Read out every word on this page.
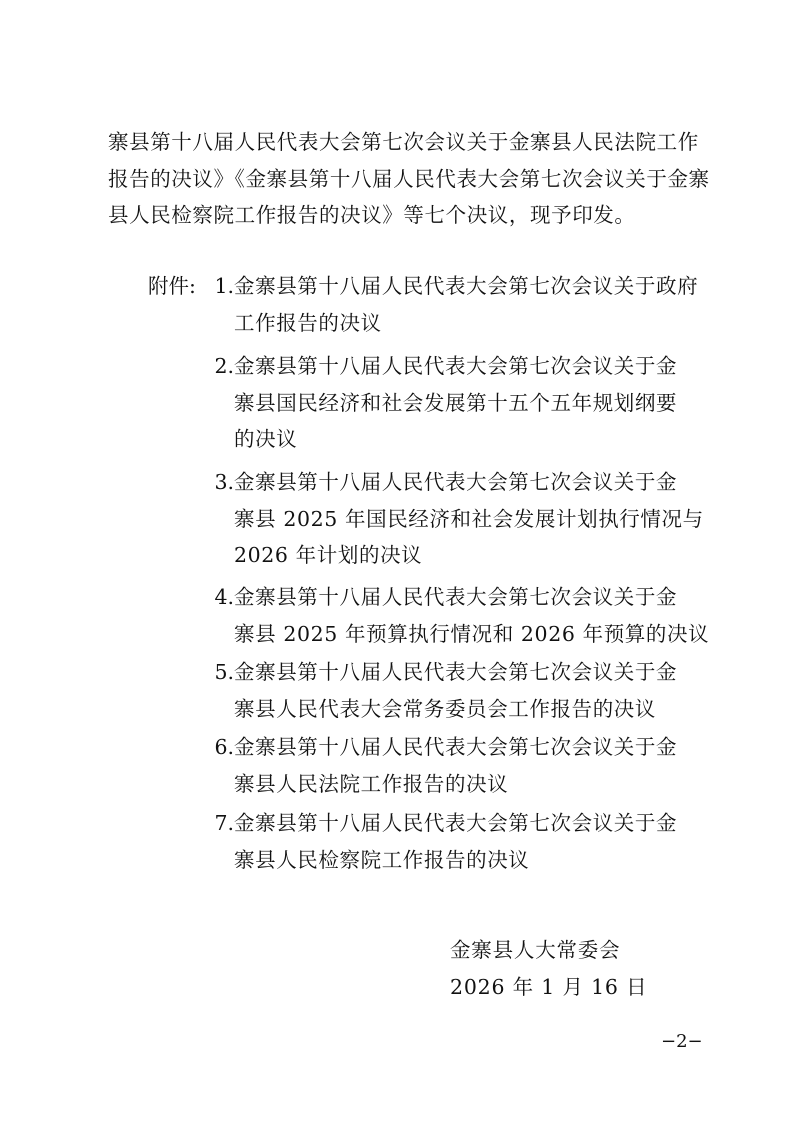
寨县第十八届人民代表大会第七次会议关于金寨县人民法院工作
报告的决议》《金寨县第十八届人民代表大会第七次会议关于金寨
县人民检察院工作报告的决议》等七个决议，现予印发。
附件: 1. 金寨县第十八届人民代表大会第七次会议关于政府
工作报告的决议
2. 金寨县第十八届人民代表大会第七次会议关于金
寨县国民经济和社会发展第十五个五年规划纲要
的决议
3. 金寨县第十八届人民代表大会第七次会议关于金
寨县 2025 年国民经济和社会发展计划执行情况与
2026 年计划的决议
4. 金寨县第十八届人民代表大会第七次会议关于金
寨县 2025 年预算执行情况和 2026 年预算的决议
5. 金寨县第十八届人民代表大会第七次会议关于金
寨县人民代表大会常务委员会工作报告的决议
6. 金寨县第十八届人民代表大会第七次会议关于金
寨县人民法院工作报告的决议
7. 金寨县第十八届人民代表大会第七次会议关于金
寨县人民检察院工作报告的决议
金寨县人大常委会
2026 年 1 月 16 日
−2−
